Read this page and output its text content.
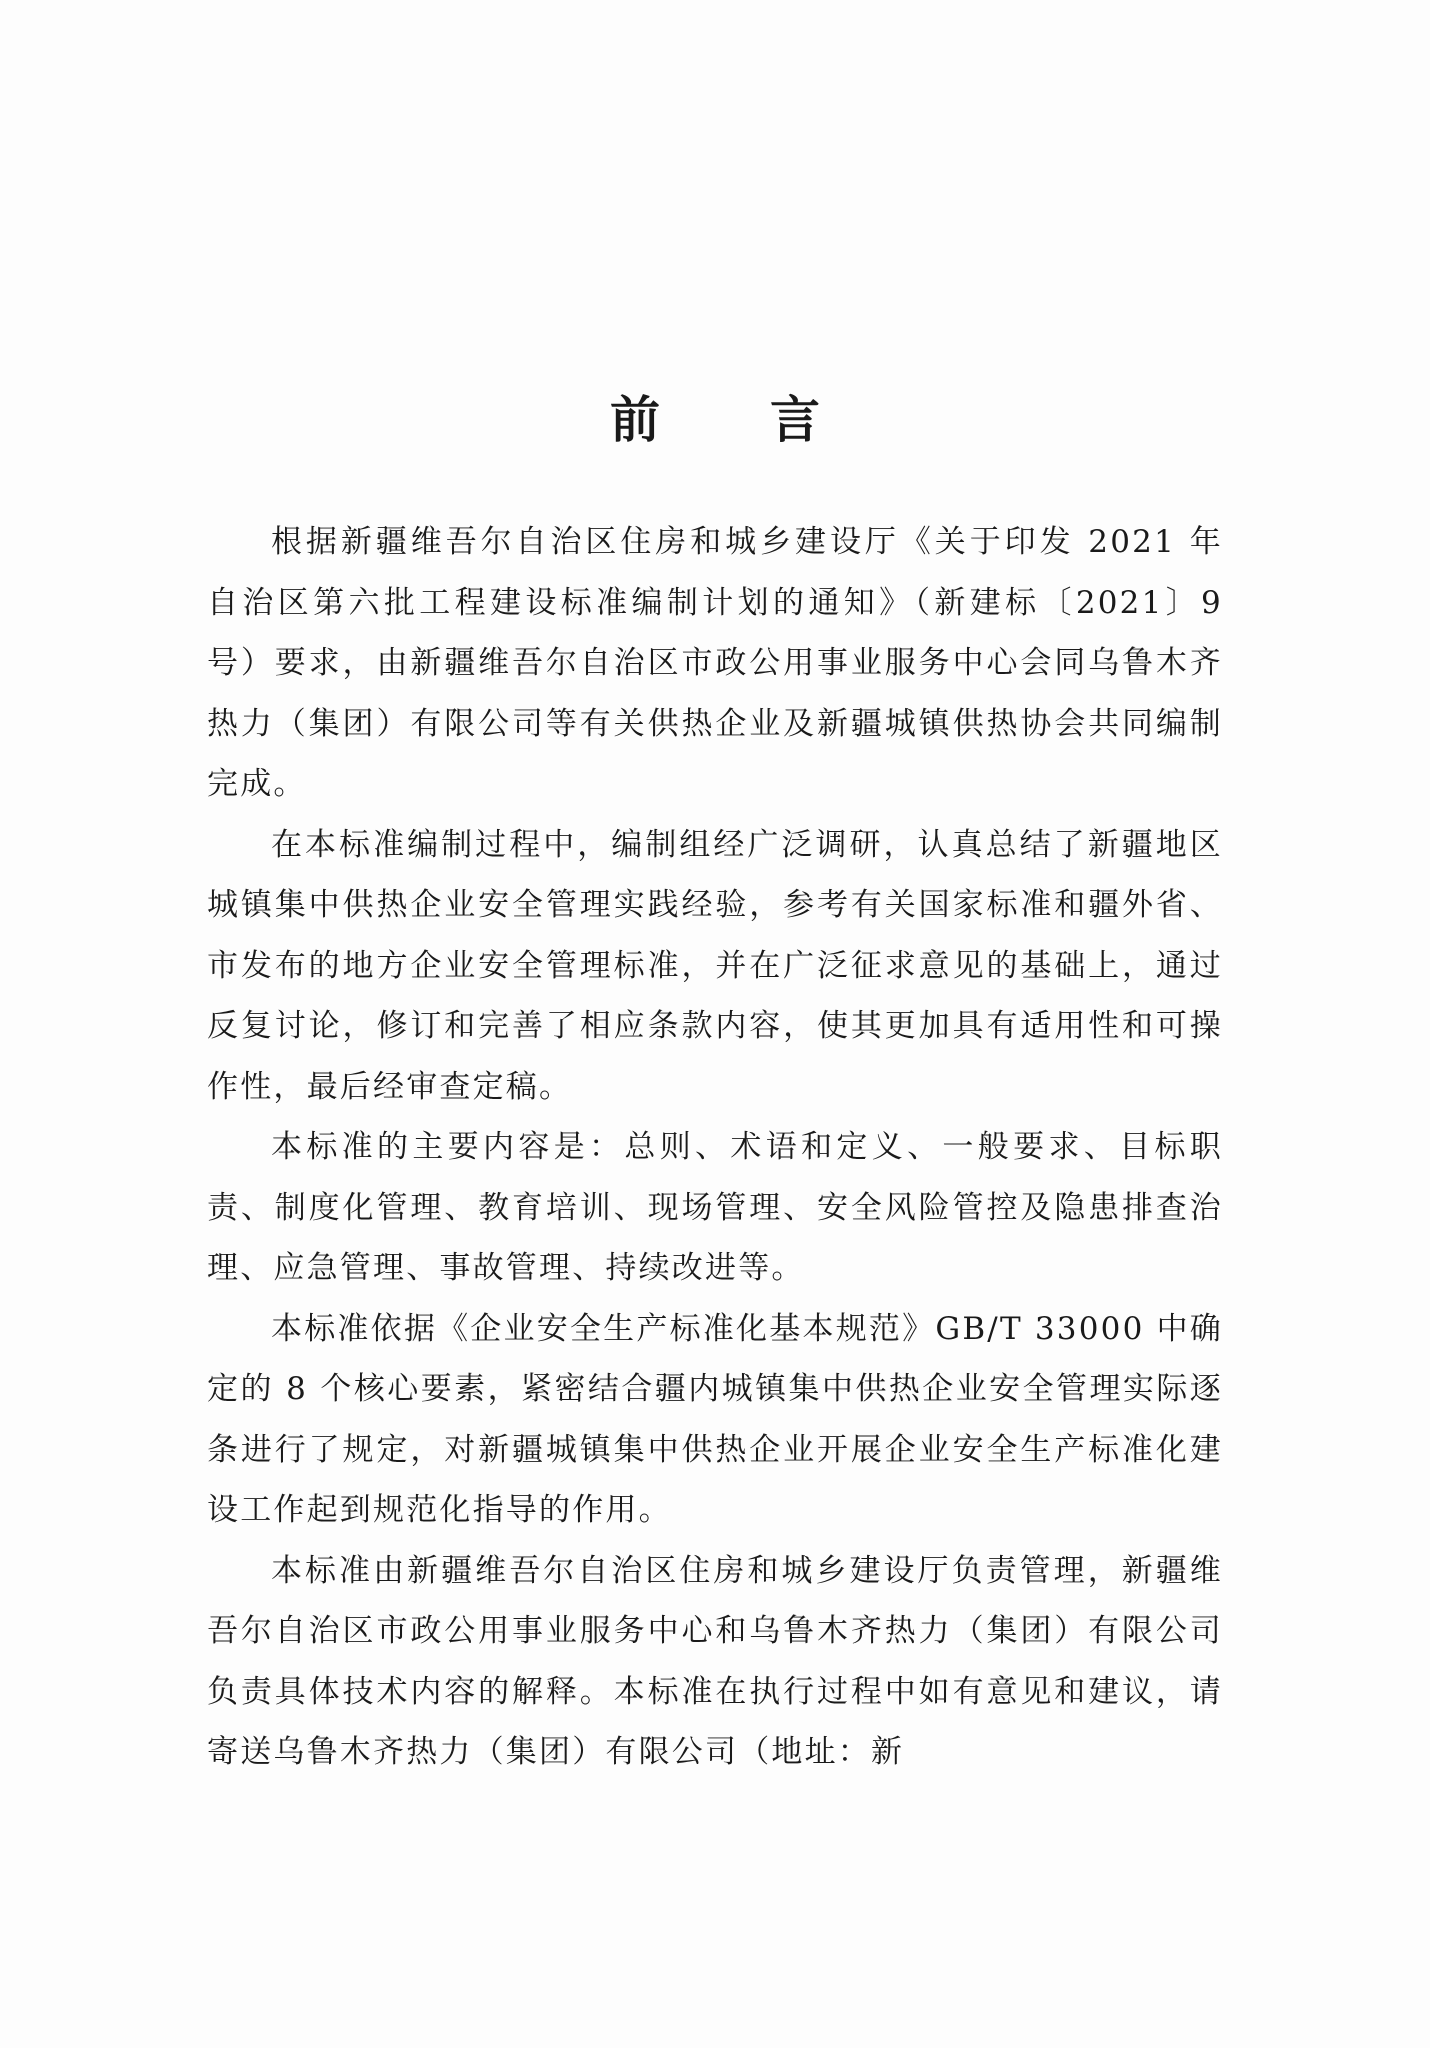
前言

根据新疆维吾尔自治区住房和城乡建设厅《关于印发 2021 年 自治区第六批工程建设标准编制计划的通知》（新建标〔2021〕9 号）要求，由新疆维吾尔自治区市政公用事业服务中心会同乌鲁木齐热力（集团）有限公司等有关供热企业及新疆城镇供热协会共同编制完成。

在本标准编制过程中，编制组经广泛调研，认真总结了新疆地区城镇集中供热企业安全管理实践经验，参考有关国家标准和疆外省、市发布的地方企业安全管理标准，并在广泛征求意见的基础上，通过反复讨论，修订和完善了相应条款内容，使其更加具有适用性和可操作性，最后经审查定稿。

本标准的主要内容是：总则、术语和定义、一般要求、目标职责、制度化管理、教育培训、现场管理、安全风险管控及隐患排查治理、应急管理、事故管理、持续改进等。

本标准依据《企业安全生产标准化基本规范》GB/T 33000 中确定的 8 个核心要素，紧密结合疆内城镇集中供热企业安全管理实际逐条进行了规定，对新疆城镇集中供热企业开展企业安全生产标准化建设工作起到规范化指导的作用。

本标准由新疆维吾尔自治区住房和城乡建设厅负责管理，新疆维吾尔自治区市政公用事业服务中心和乌鲁木齐热力（集团）有限公司负责具体技术内容的解释。本标准在执行过程中如有意见和建议，请寄送乌鲁木齐热力（集团）有限公司（地址：新
